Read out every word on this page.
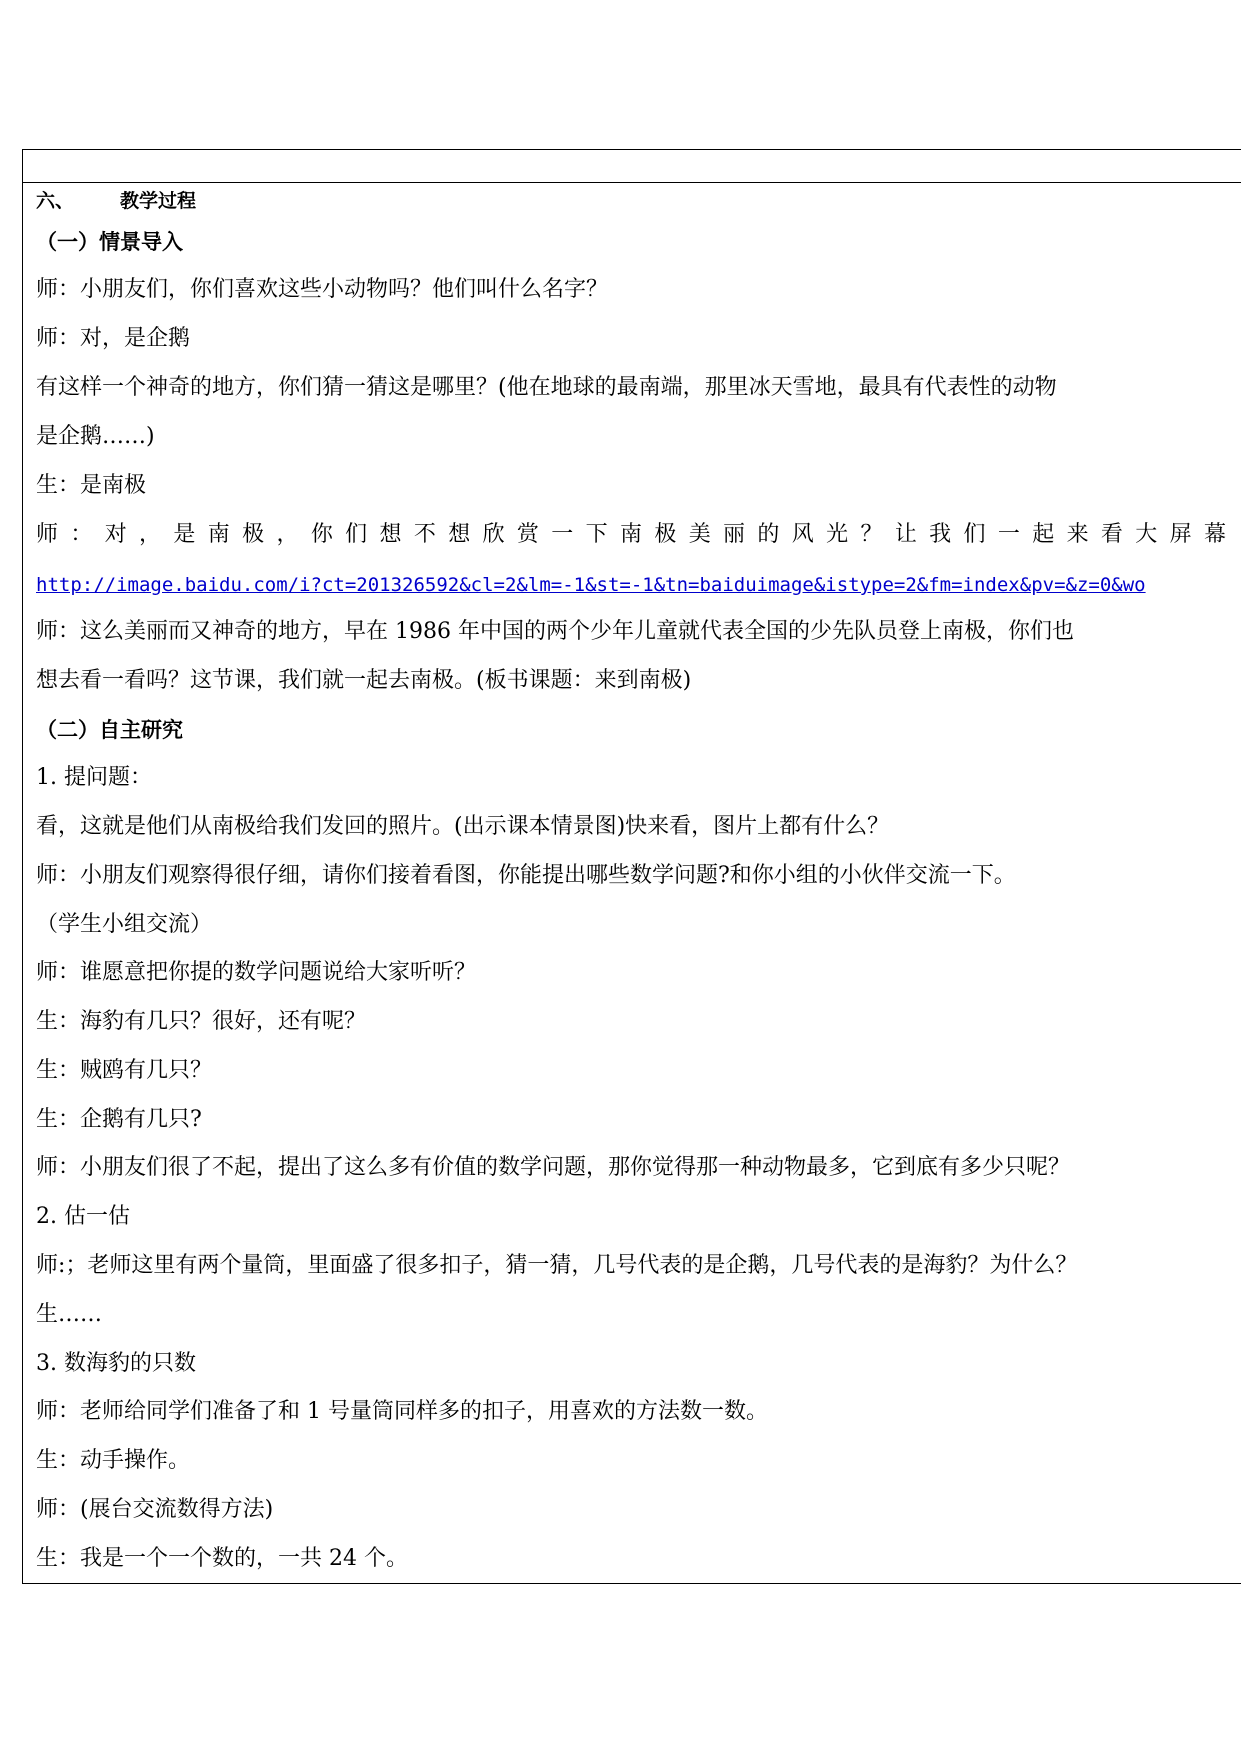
六、 教学过程
（一）情景导入
师：小朋友们，你们喜欢这些小动物吗？他们叫什么名字？
师：对，是企鹅
有这样一个神奇的地方，你们猜一猜这是哪里？(他在地球的最南端，那里冰天雪地，最具有代表性的动物
是企鹅……)
生：是南极
师：对，是南极，你们想不想欣赏一下南极美丽的风光？让我们一起来看大屏幕
http://image.baidu.com/i?ct=201326592&cl=2&lm=-1&st=-1&tn=baiduimage&istype=2&fm=index&pv=&z=0&wo
师：这么美丽而又神奇的地方，早在 1986 年中国的两个少年儿童就代表全国的少先队员登上南极，你们也
想去看一看吗？这节课，我们就一起去南极。(板书课题：来到南极)
（二）自主研究
1. 提问题：
看，这就是他们从南极给我们发回的照片。(出示课本情景图)快来看，图片上都有什么？
师：小朋友们观察得很仔细，请你们接着看图，你能提出哪些数学问题?和你小组的小伙伴交流一下。
（学生小组交流）
师：谁愿意把你提的数学问题说给大家听听？
生：海豹有几只？很好，还有呢？
生：贼鸥有几只？
生：企鹅有几只?
师：小朋友们很了不起，提出了这么多有价值的数学问题，那你觉得那一种动物最多，它到底有多少只呢？
2. 估一估
师:；老师这里有两个量筒，里面盛了很多扣子，猜一猜，几号代表的是企鹅，几号代表的是海豹？为什么？
生……
3. 数海豹的只数
师：老师给同学们准备了和 1 号量筒同样多的扣子，用喜欢的方法数一数。
生：动手操作。
师：(展台交流数得方法)
生：我是一个一个数的，一共 24 个。
